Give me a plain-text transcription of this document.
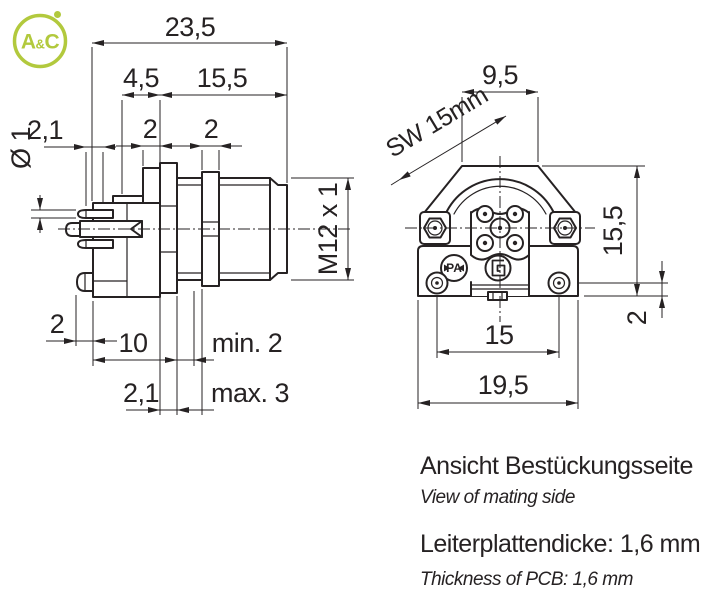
A&C	23,5
4,5 15,5
2 2
2,1
Ø 1
M12 x 1
2
10 min. 2
2,1 max. 3
PA
9,5
SW 15mm
15,5
2
15
19,5
Ansicht Bestückungsseite
View of mating side
Leiterplattendicke: 1,6 mm
Thickness of PCB: 1,6 mm
